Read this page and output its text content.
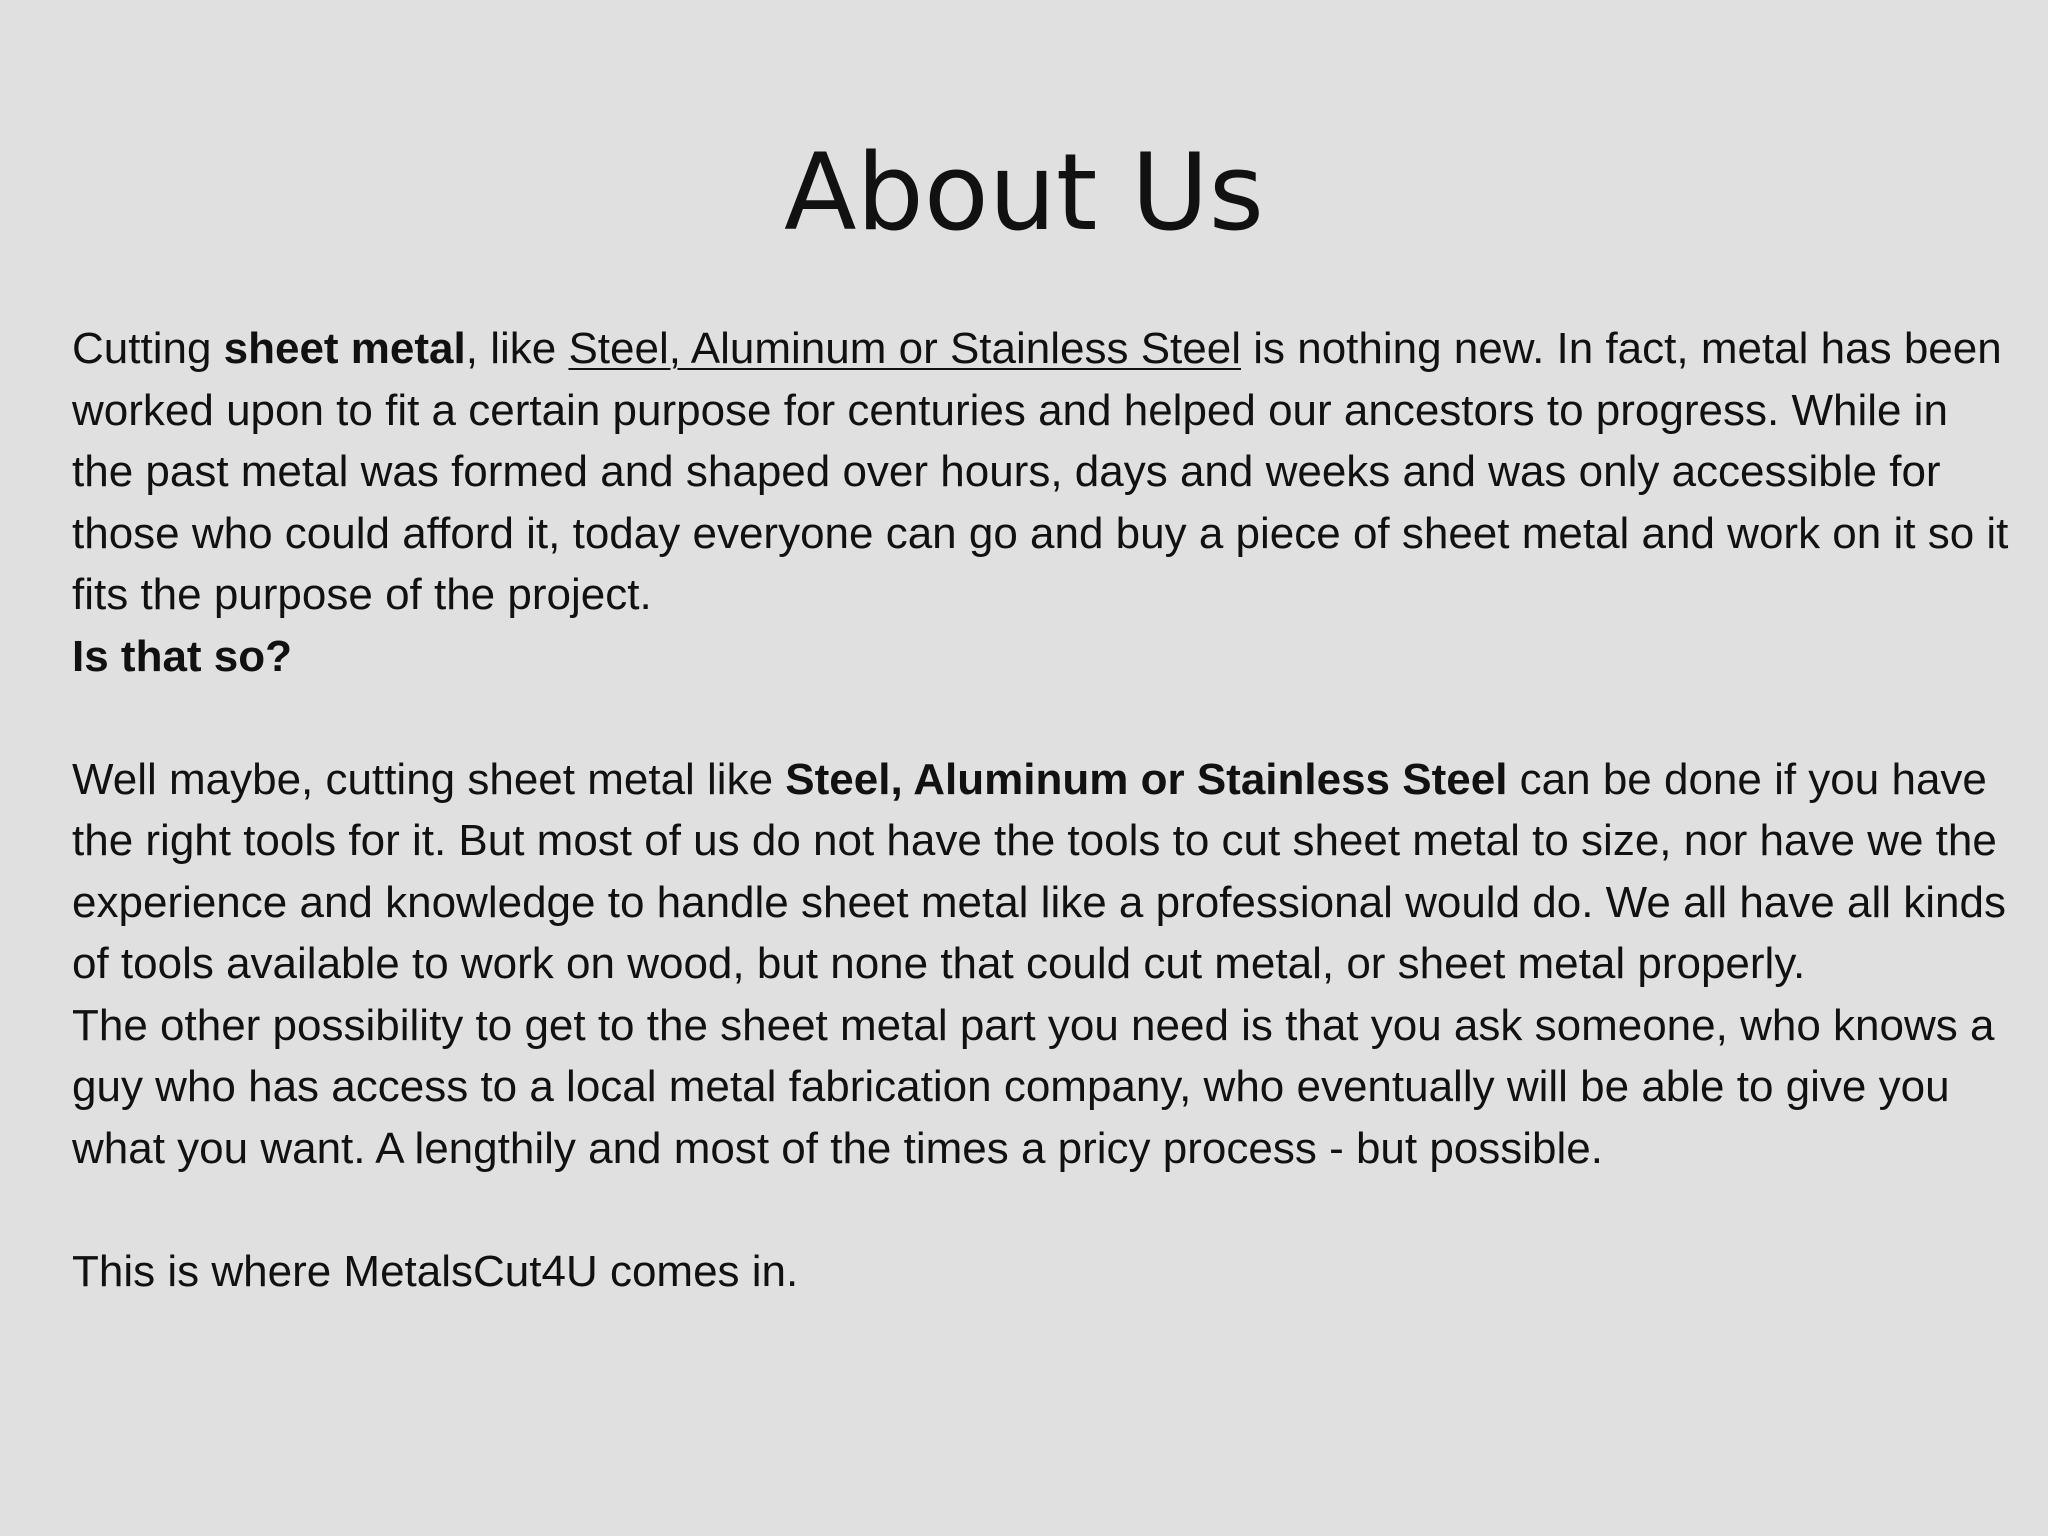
About Us

Cutting sheet metal, like Steel, Aluminum or Stainless Steel is nothing new. In fact, metal has been worked upon to fit a certain purpose for centuries and helped our ancestors to progress. While in the past metal was formed and shaped over hours, days and weeks and was only accessible for those who could afford it, today everyone can go and buy a piece of sheet metal and work on it so it fits the purpose of the project.

Is that so?

Well maybe, cutting sheet metal like Steel, Aluminum or Stainless Steel can be done if you have the right tools for it. But most of us do not have the tools to cut sheet metal to size, nor have we the experience and knowledge to handle sheet metal like a professional would do. We all have all kinds of tools available to work on wood, but none that could cut metal, or sheet metal properly.

The other possibility to get to the sheet metal part you need is that you ask someone, who knows a guy who has access to a local metal fabrication company, who eventually will be able to give you what you want. A lengthily and most of the times a pricy process - but possible.

This is where MetalsCut4U comes in.
